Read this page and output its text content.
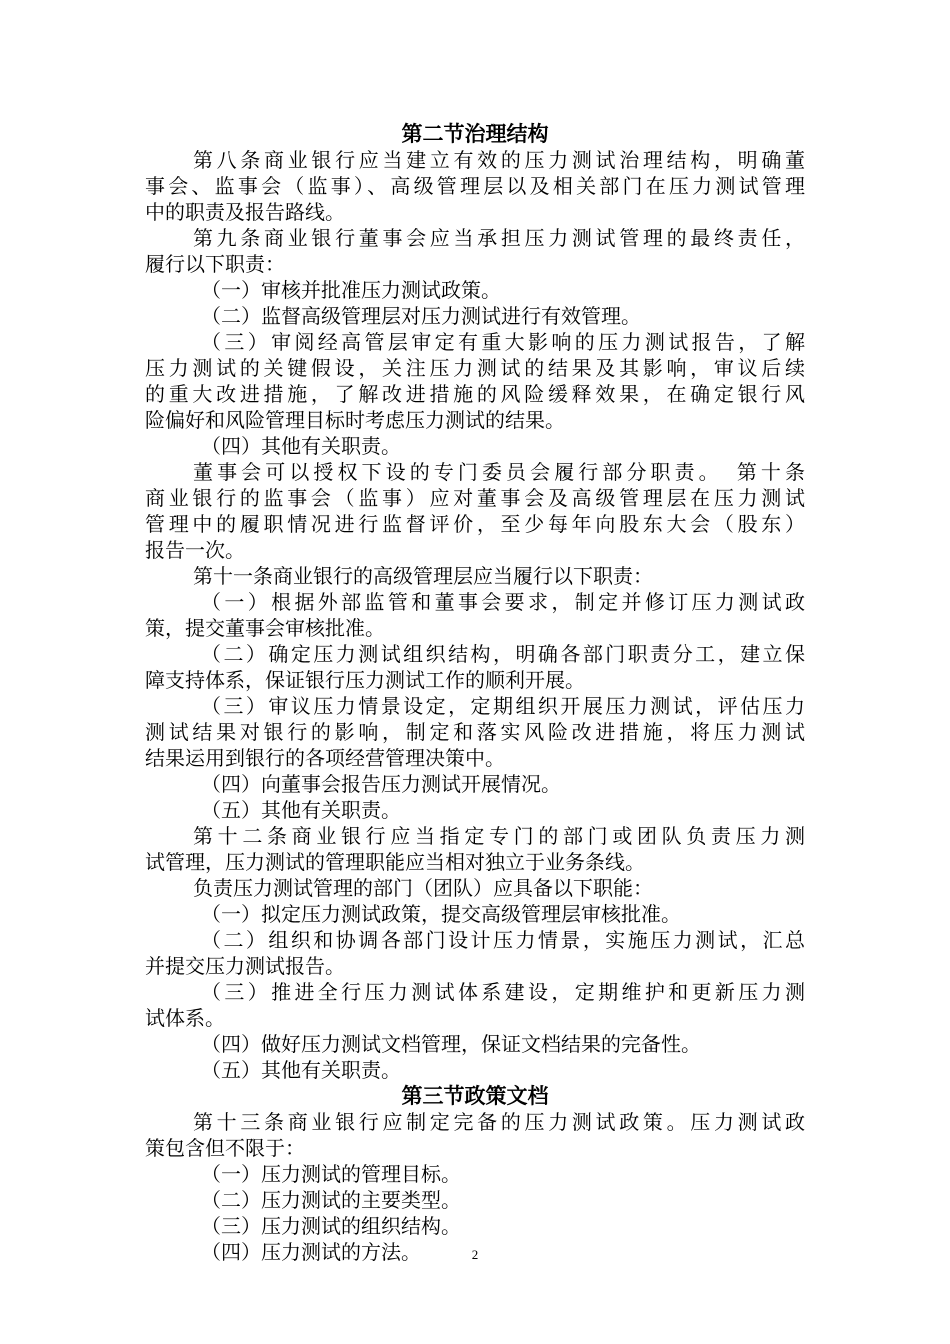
第二节治理结构
第八条商业银行应当建立有效的压力测试治理结构，明确董
事会、监事会（监事）、高级管理层以及相关部门在压力测试管理
中的职责及报告路线。
第九条商业银行董事会应当承担压力测试管理的最终责任，
履行以下职责：
（一）审核并批准压力测试政策。
（二）监督高级管理层对压力测试进行有效管理。
（三）审阅经高管层审定有重大影响的压力测试报告，了解
压力测试的关键假设，关注压力测试的结果及其影响，审议后续
的重大改进措施，了解改进措施的风险缓释效果，在确定银行风
险偏好和风险管理目标时考虑压力测试的结果。
（四）其他有关职责。
董事会可以授权下设的专门委员会履行部分职责。　第十条
商业银行的监事会（监事）应对董事会及高级管理层在压力测试
管理中的履职情况进行监督评价，至少每年向股东大会（股东）
报告一次。
第十一条商业银行的高级管理层应当履行以下职责：
（一）根据外部监管和董事会要求，制定并修订压力测试政
策，提交董事会审核批准。
（二）确定压力测试组织结构，明确各部门职责分工，建立保
障支持体系，保证银行压力测试工作的顺利开展。
（三）审议压力情景设定，定期组织开展压力测试，评估压力
测试结果对银行的影响，制定和落实风险改进措施，将压力测试
结果运用到银行的各项经营管理决策中。
（四）向董事会报告压力测试开展情况。
（五）其他有关职责。
第十二条商业银行应当指定专门的部门或团队负责压力测
试管理，压力测试的管理职能应当相对独立于业务条线。
负责压力测试管理的部门（团队）应具备以下职能：
（一）拟定压力测试政策，提交高级管理层审核批准。
（二）组织和协调各部门设计压力情景，实施压力测试，汇总
并提交压力测试报告。
（三）推进全行压力测试体系建设，定期维护和更新压力测
试体系。
（四）做好压力测试文档管理，保证文档结果的完备性。
（五）其他有关职责。
第三节政策文档
第十三条商业银行应制定完备的压力测试政策。压力测试政
策包含但不限于：
（一）压力测试的管理目标。
（二）压力测试的主要类型。
（三）压力测试的组织结构。
（四）压力测试的方法。	2
